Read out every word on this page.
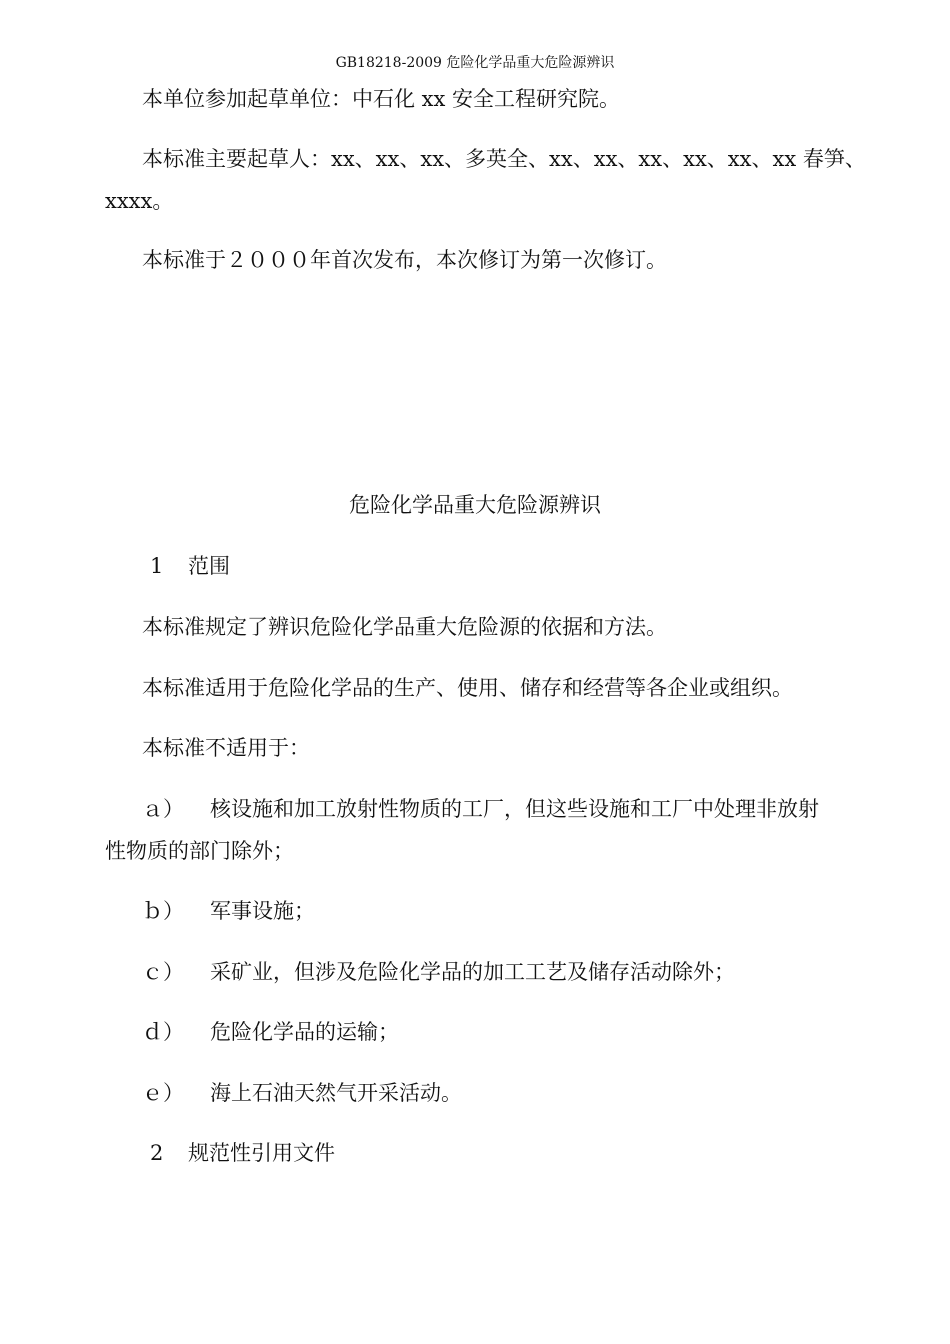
GB18218-2009 危险化学品重大危险源辨识
本单位参加起草单位：中石化 xx 安全工程研究院。
本标准主要起草人：xx、xx、xx、多英全、xx、xx、xx、xx、xx、xx 春笋、
xxxx。
本标准于２０００年首次发布，本次修订为第一次修订。
危险化学品重大危险源辨识
1 范围
本标准规定了辨识危险化学品重大危险源的依据和方法。
本标准适用于危险化学品的生产、使用、储存和经营等各企业或组织。
本标准不适用于：
ａ） 核设施和加工放射性物质的工厂，但这些设施和工厂中处理非放射
性物质的部门除外；
ｂ） 军事设施；
ｃ） 采矿业，但涉及危险化学品的加工工艺及储存活动除外；
ｄ） 危险化学品的运输；
ｅ） 海上石油天然气开采活动。
2 规范性引用文件
